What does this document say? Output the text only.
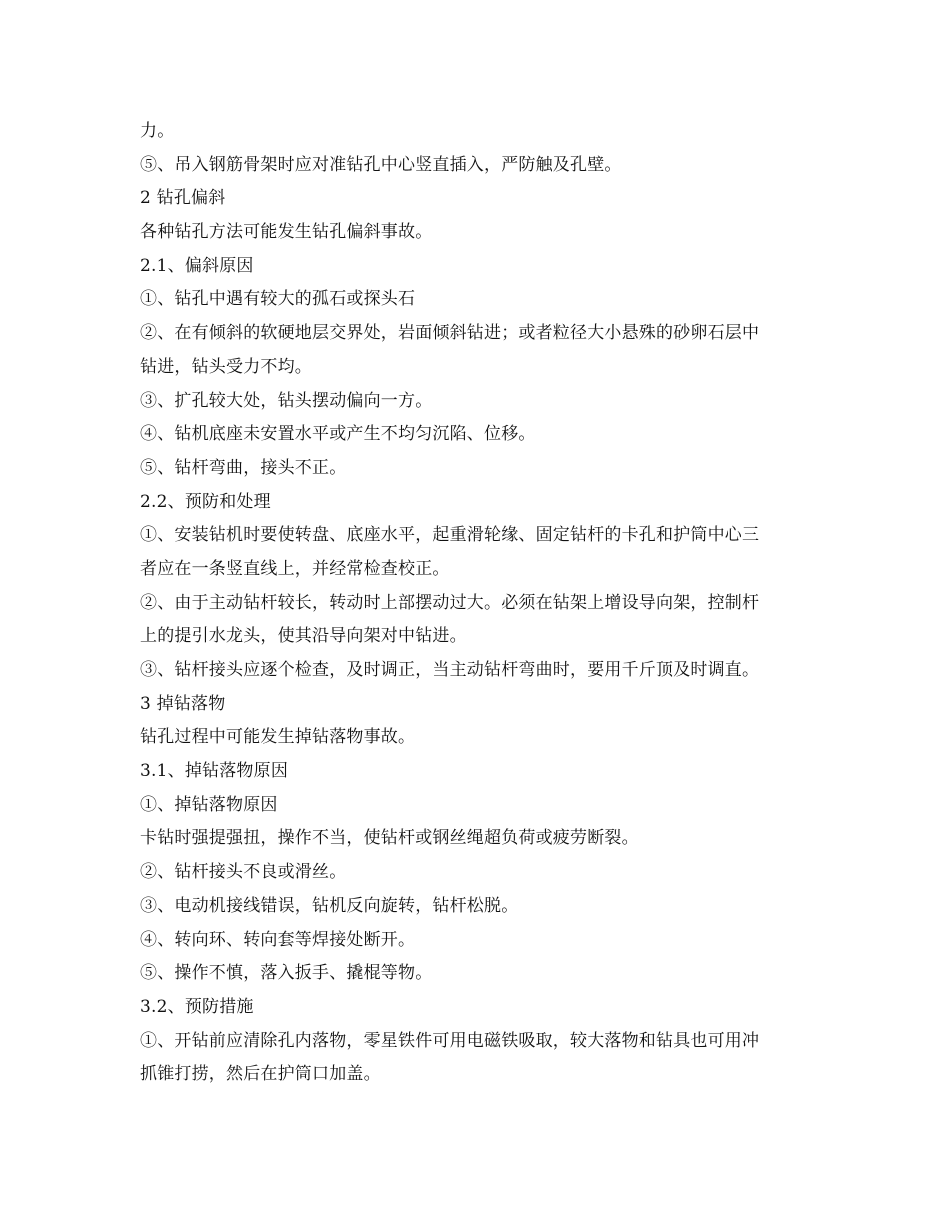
力。
⑤、吊入钢筋骨架时应对准钻孔中心竖直插入，严防触及孔壁。
2 钻孔偏斜
各种钻孔方法可能发生钻孔偏斜事故。
2.1、偏斜原因
①、钻孔中遇有较大的孤石或探头石
②、在有倾斜的软硬地层交界处，岩面倾斜钻进；或者粒径大小悬殊的砂卵石层中
钻进，钻头受力不均。
③、扩孔较大处，钻头摆动偏向一方。
④、钻机底座未安置水平或产生不均匀沉陷、位移。
⑤、钻杆弯曲，接头不正。
2.2、预防和处理
①、安装钻机时要使转盘、底座水平，起重滑轮缘、固定钻杆的卡孔和护筒中心三
者应在一条竖直线上，并经常检查校正。
②、由于主动钻杆较长，转动时上部摆动过大。必须在钻架上增设导向架，控制杆
上的提引水龙头，使其沿导向架对中钻进。
③、钻杆接头应逐个检查，及时调正，当主动钻杆弯曲时，要用千斤顶及时调直。
3 掉钻落物
钻孔过程中可能发生掉钻落物事故。
3.1、掉钻落物原因
①、掉钻落物原因
卡钻时强提强扭，操作不当，使钻杆或钢丝绳超负荷或疲劳断裂。
②、钻杆接头不良或滑丝。
③、电动机接线错误，钻机反向旋转，钻杆松脱。
④、转向环、转向套等焊接处断开。
⑤、操作不慎，落入扳手、撬棍等物。
3.2、预防措施
①、开钻前应清除孔内落物，零星铁件可用电磁铁吸取，较大落物和钻具也可用冲
抓锥打捞，然后在护筒口加盖。
